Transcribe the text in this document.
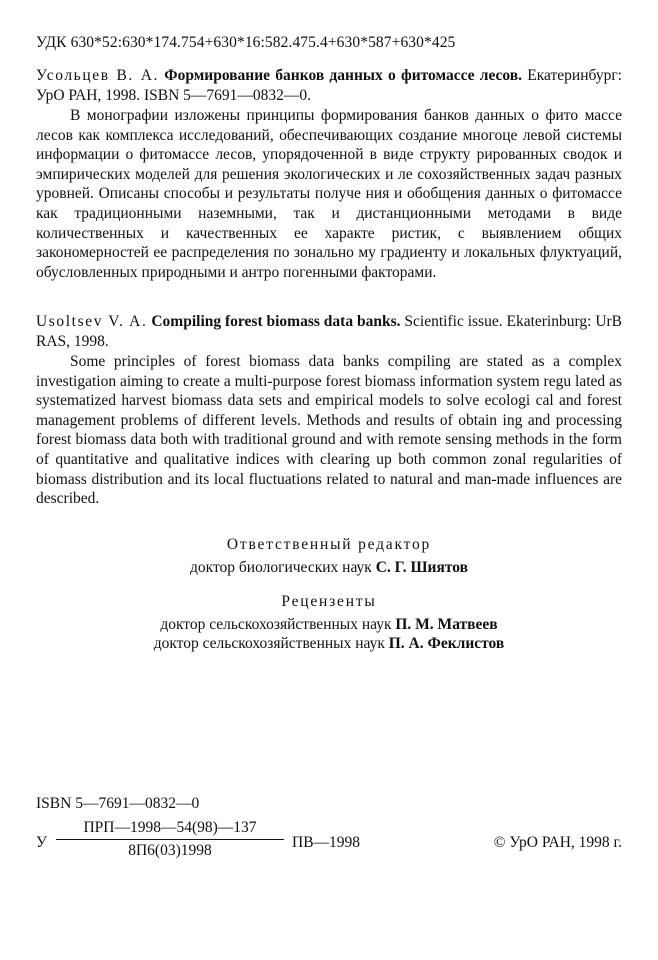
УДК 630*52:630*174.754+630*16:582.475.4+630*587+630*425
Усольцев В. А. Формирование банков данных о фитомассе лесов. Екатеринбург: УрО РАН, 1998. ISBN 5—7691—0832—0.
В монографии изложены принципы формирования банков данных о фито массе лесов как комплекса исследований, обеспечивающих создание многоце левой системы информации о фитомассе лесов, упорядоченной в виде структу рированных сводок и эмпирических моделей для решения экологических и ле сохозяйственных задач разных уровней. Описаны способы и результаты получе ния и обобщения данных о фитомассе как традиционными наземными, так и дистанционными методами в виде количественных и качественных ее характе ристик, с выявлением общих закономерностей ее распределения по зонально му градиенту и локальных флуктуаций, обусловленных природными и антро погенными факторами.
Usoltsev V. A. Compiling forest biomass data banks. Scientific issue. Ekaterinburg: UrB RAS, 1998.
Some principles of forest biomass data banks compiling are stated as a complex investigation aiming to create a multi-purpose forest biomass information system regu lated as systematized harvest biomass data sets and empirical models to solve ecologi cal and forest management problems of different levels. Methods and results of obtain ing and processing forest biomass data both with traditional ground and with remote sensing methods in the form of quantitative and qualitative indices with clearing up both common zonal regularities of biomass distribution and its local fluctuations related to natural and man-made influences are described.
Ответственный редактор
доктор биологических наук С. Г. Шиятов
Рецензенты
доктор сельскохозяйственных наук П. М. Матвеев
доктор сельскохозяйственных наук П. А. Феклистов
ISBN 5—7691—0832—0
У
ПРП—1998—54(98)—137
8П6(03)1998	ПВ—1998	© УрО РАН, 1998 г.
